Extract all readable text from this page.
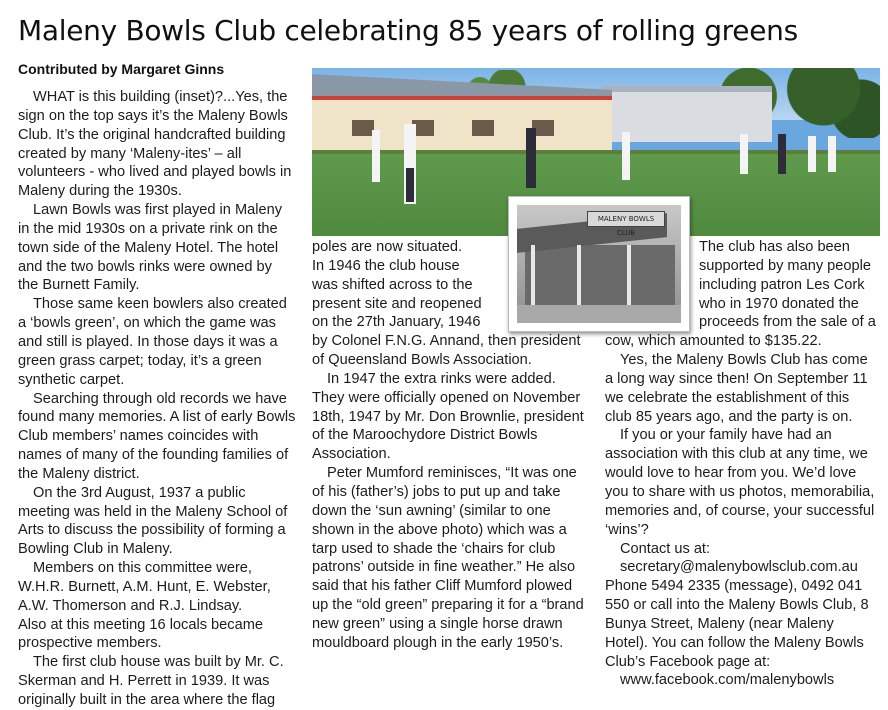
Maleny Bowls Club celebrating 85 years of rolling greens
Contributed by Margaret Ginns
MALENY BOWLS CLUB

WHAT is this building (inset)?...Yes, the sign on the top says it’s the Maleny Bowls Club. It’s the original handcrafted building created by many ‘Maleny-ites’ – all volunteers - who lived and played bowls in Maleny during the 1930s.

Lawn Bowls was first played in Maleny in the mid 1930s on a private rink on the town side of the Maleny Hotel. The hotel and the two bowls rinks were owned by the Burnett Family.

Those same keen bowlers also created a ‘bowls green’, on which the game was and still is played. In those days it was a green grass carpet; today, it’s a green synthetic carpet.

Searching through old records we have found many memories. A list of early Bowls Club members’ names coincides with names of many of the founding families of the Maleny district.

On the 3rd August, 1937 a public meeting was held in the Maleny School of Arts to discuss the possibility of forming a Bowling Club in Maleny.

Members on this committee were, W.H.R. Burnett, A.M. Hunt, E. Webster, A.W. Thomerson and R.J. Lindsay.

Also at this meeting 16 locals became prospective members.

The first club house was built by Mr. C. Skerman and H. Perrett in 1939. It was originally built in the area where the flag

poles are now situated.

In 1946 the club house was shifted across to the present site and reopened on the 27th January, 1946 by Colonel F.N.G. Annand, then president of Queensland Bowls Association.

In 1947 the extra rinks were added. They were officially opened on November 18th, 1947 by Mr. Don Brownlie, president of the Maroochydore District Bowls Association.

Peter Mumford reminisces, “It was one of his (father’s) jobs to put up and take down the ‘sun awning’ (similar to one shown in the above photo) which was a tarp used to shade the ‘chairs for club patrons’ outside in fine weather.” He also said that his father Cliff Mumford plowed up the “old green” preparing it for a “brand new green” using a single horse drawn mouldboard plough in the early 1950’s.

The club has also been supported by many people including patron Les Cork who in 1970 donated the proceeds from the sale of a cow, which amounted to $135.22.

Yes, the Maleny Bowls Club has come a long way since then! On September 11 we celebrate the establishment of this club 85 years ago, and the party is on.

If you or your family have had an association with this club at any time, we would love to hear from you. We’d love you to share with us photos, memorabilia, memories and, of course, your successful ‘wins’?

Contact us at:

secretary@malenybowlsclub.com.au

Phone 5494 2335 (message), 0492 041 550 or call into the Maleny Bowls Club, 8 Bunya Street, Maleny (near Maleny Hotel). You can follow the Maleny Bowls Club’s Facebook page at:

www.facebook.com/malenybowls
